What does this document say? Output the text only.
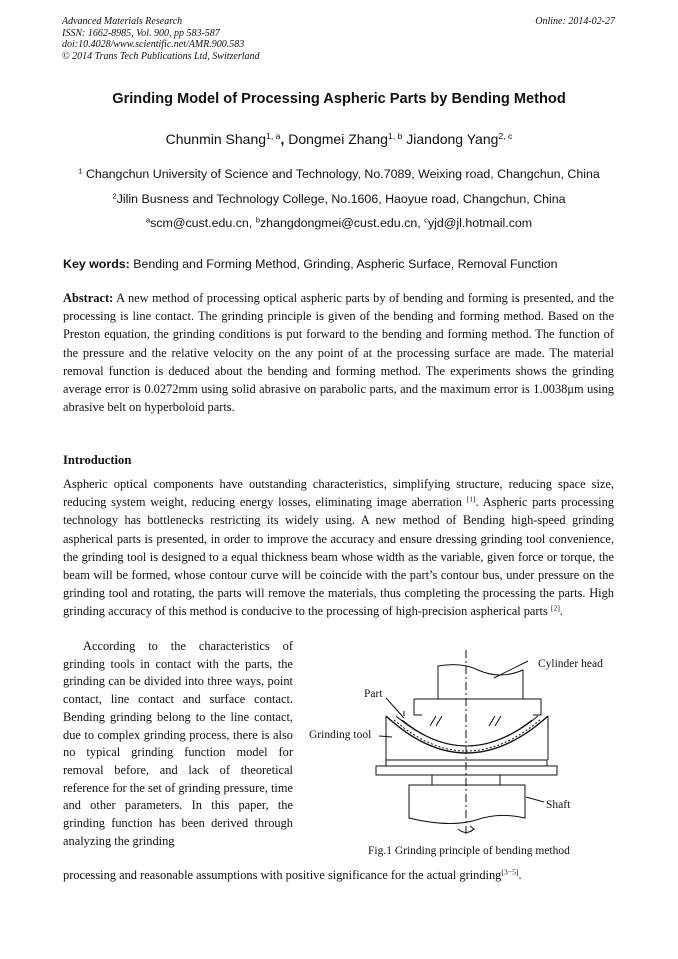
Advanced Materials Research
ISSN: 1662-8985, Vol. 900, pp 583-587
doi:10.4028/www.scientific.net/AMR.900.583
© 2014 Trans Tech Publications Ltd, Switzerland
Online: 2014-02-27
Grinding Model of Processing Aspheric Parts by Bending Method
Chunmin Shang$^{1, a}$, Dongmei Zhang$^{1, b}$ Jiandong Yang$^{2, c}$
$^1$ Changchun University of Science and Technology, No.7089, Weixing road, Changchun, China
$^2$Jilin Busness and Technology College, No.1606, Haoyue road, Changchun, China
$^a$scm@cust.edu.cn, $^b$zhangdongmei@cust.edu.cn, $^c$yjd@jl.hotmail.com
Key words: Bending and Forming Method, Grinding, Aspheric Surface, Removal Function

Abstract: A new method of processing optical aspheric parts by of bending and forming is presented, and the processing is line contact. The grinding principle is given of the bending and forming method. Based on the Preston equation, the grinding conditions is put forward to the bending and forming method. The function of the pressure and the relative velocity on the any point of at the processing surface are made. The material removal function is deduced about the bending and forming method. The experiments shows the grinding average error is 0.0272mm using solid abrasive on parabolic parts, and the maximum error is 1.0038μm using abrasive belt on hyperboloid parts.

Introduction

Aspheric optical components have outstanding characteristics, simplifying structure, reducing space size, reducing system weight, reducing energy losses, eliminating image aberration [1]. Aspheric parts processing technology has bottlenecks restricting its widely using. A new method of Bending high-speed grinding aspherical parts is presented, in order to improve the accuracy and ensure dressing grinding tool convenience, the grinding tool is designed to a equal thickness beam whose width as the variable, given force or torque, the beam will be formed, whose contour curve will be coincide with the part’s contour bus, under pressure on the grinding tool and rotating, the parts will remove the materials, thus completing the processing the parts. High grinding accuracy of this method is conducive to the processing of high-precision aspherical parts [2].

According to the characteristics of grinding tools in contact with the parts, the grinding can be divided into three ways, point contact, line contact and surface contact. Bending grinding belong to the line contact, due to complex grinding process, there is also no typical grinding function model for removal before, and lack of theoretical reference for the set of grinding pressure, time and other parameters. In this paper, the grinding function has been derived through analyzing the grinding

processing and reasonable assumptions with positive significance for the actual grinding[3−5].
Cylinder head
Part
Grinding tool
Shaft
Fig.1 Grinding principle of bending method
